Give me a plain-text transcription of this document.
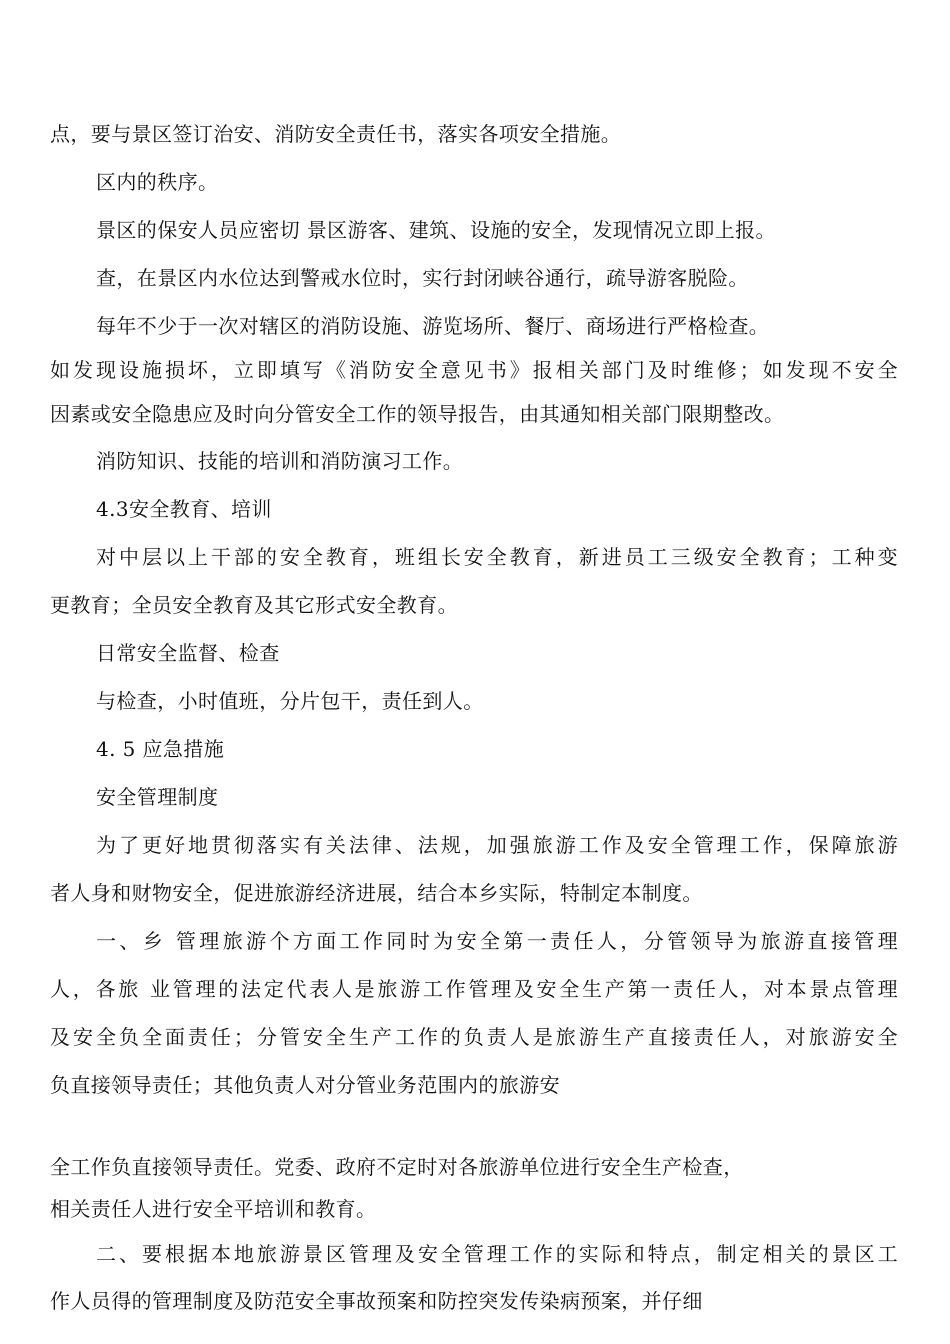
点，要与景区签订治安、消防安全责任书，落实各项安全措施。
区内的秩序。
景区的保安人员应密切 景区游客、建筑、设施的安全，发现情况立即上报。
查，在景区内水位达到警戒水位时，实行封闭峡谷通行，疏导游客脱险。
每年不少于一次对辖区的消防设施、游览场所、餐厅、商场进行严格检查。
如发现设施损坏，立即填写《消防安全意见书》报相关部门及时维修；如发现不安全
因素或安全隐患应及时向分管安全工作的领导报告，由其通知相关部门限期整改。
消防知识、技能的培训和消防演习工作。
4.3安全教育、培训
对中层以上干部的安全教育，班组长安全教育，新进员工三级安全教育；工种变
更教育；全员安全教育及其它形式安全教育。
日常安全监督、检查
与检查，小时值班，分片包干，责任到人。
4. 5 应急措施
安全管理制度
为了更好地贯彻落实有关法律、法规，加强旅游工作及安全管理工作，保障旅游
者人身和财物安全，促进旅游经济进展，结合本乡实际，特制定本制度。
一、乡 管理旅游个方面工作同时为安全第一责任人，分管领导为旅游直接管理
人，各旅 业管理的法定代表人是旅游工作管理及安全生产第一责任人，对本景点管理
及安全负全面责任；分管安全生产工作的负责人是旅游生产直接责任人，对旅游安全
负直接领导责任；其他负责人对分管业务范围内的旅游安
全工作负直接领导责任。党委、政府不定时对各旅游单位进行安全生产检查，
相关责任人进行安全平培训和教育。
二、要根据本地旅游景区管理及安全管理工作的实际和特点，制定相关的景区工
作人员得的管理制度及防范安全事故预案和防控突发传染病预案，并仔细
